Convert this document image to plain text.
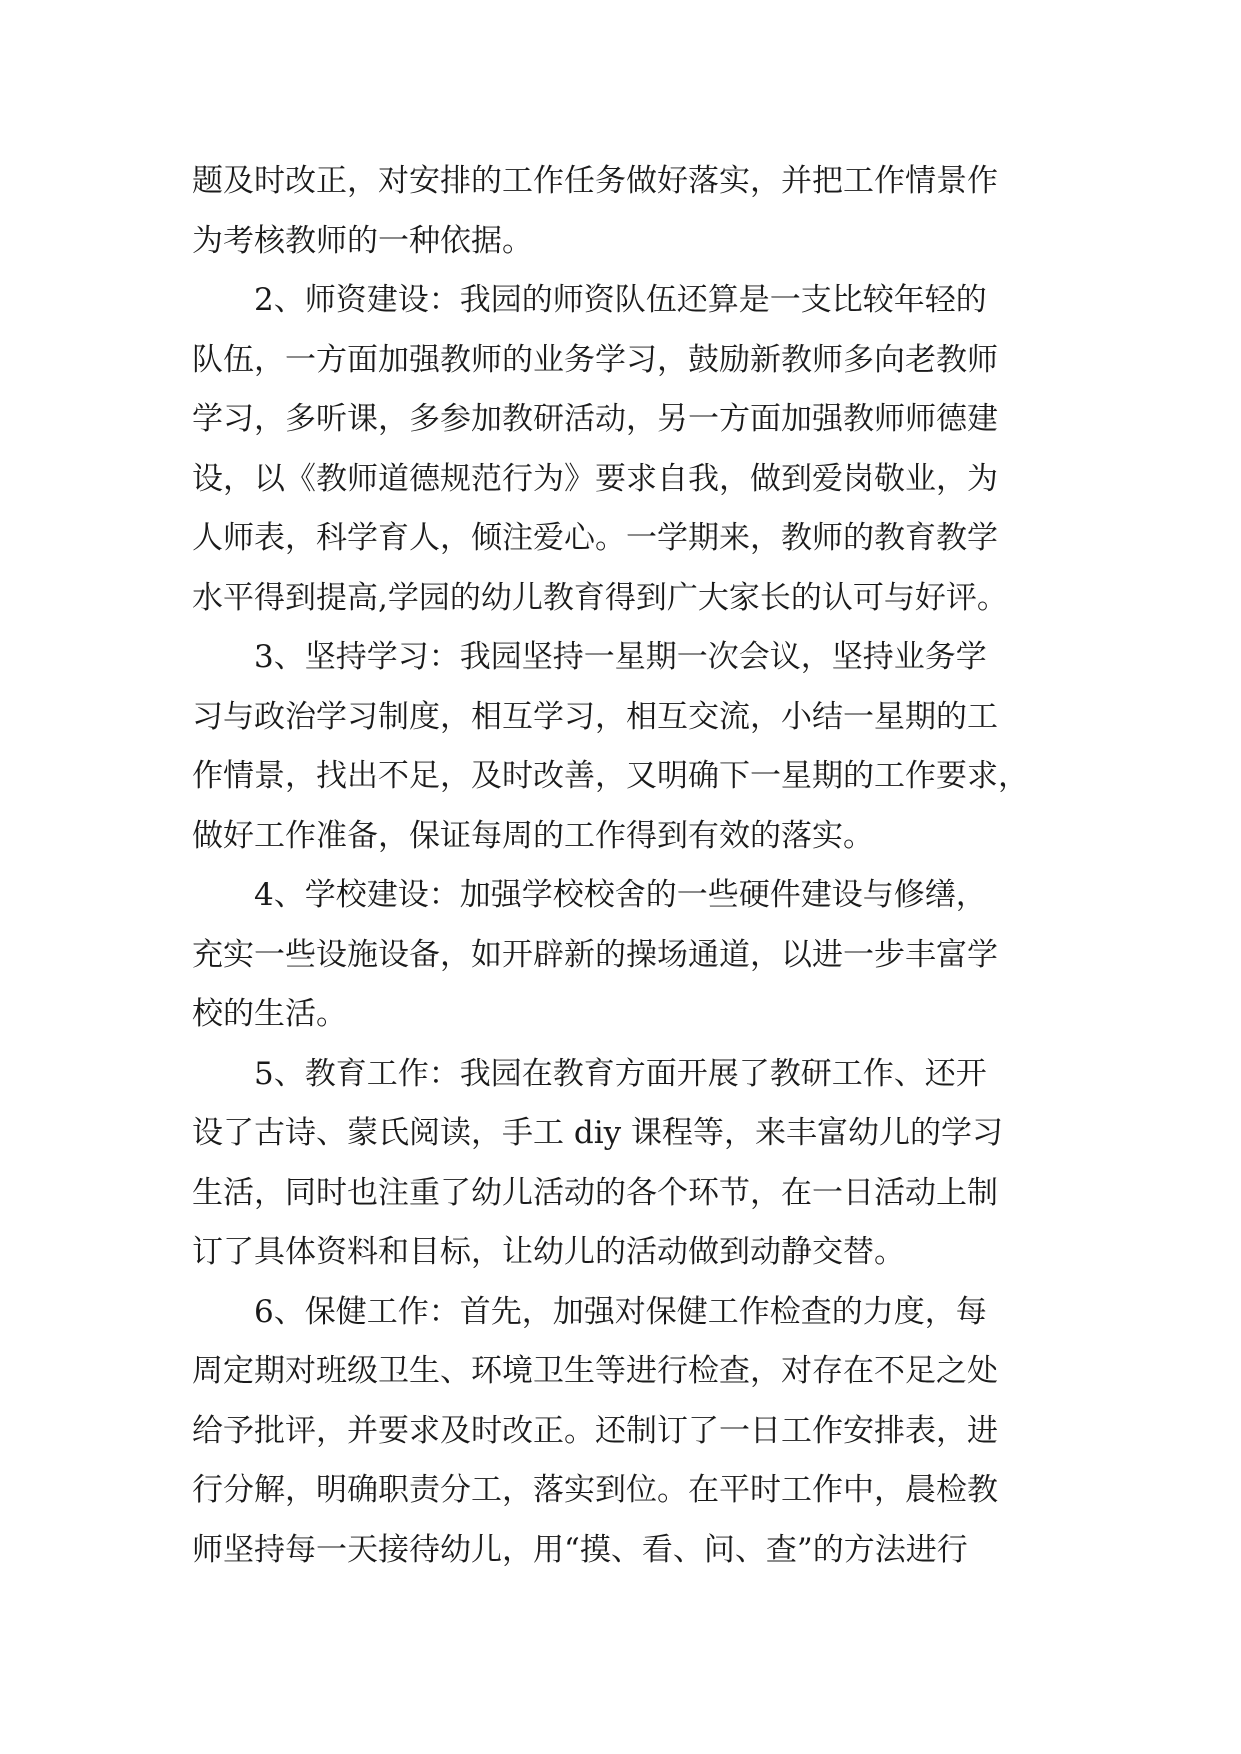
题及时改正，对安排的工作任务做好落实，并把工作情景作
为考核教师的一种依据。
2、师资建设：我园的师资队伍还算是一支比较年轻的
队伍，一方面加强教师的业务学习，鼓励新教师多向老教师
学习，多听课，多参加教研活动，另一方面加强教师师德建
设，以《教师道德规范行为》要求自我，做到爱岗敬业，为
人师表，科学育人，倾注爱心。一学期来，教师的教育教学
水平得到提高,学园的幼儿教育得到广大家长的认可与好评。
3、坚持学习：我园坚持一星期一次会议，坚持业务学
习与政治学习制度，相互学习，相互交流，小结一星期的工
作情景，找出不足，及时改善，又明确下一星期的工作要求，
做好工作准备，保证每周的工作得到有效的落实。
4、学校建设：加强学校校舍的一些硬件建设与修缮，
充实一些设施设备，如开辟新的操场通道，以进一步丰富学
校的生活。
5、教育工作：我园在教育方面开展了教研工作、还开
设了古诗、蒙氏阅读，手工 diy 课程等，来丰富幼儿的学习
生活，同时也注重了幼儿活动的各个环节，在一日活动上制
订了具体资料和目标，让幼儿的活动做到动静交替。
6、保健工作：首先，加强对保健工作检查的力度，每
周定期对班级卫生、环境卫生等进行检查，对存在不足之处
给予批评，并要求及时改正。还制订了一日工作安排表，进
行分解，明确职责分工，落实到位。在平时工作中，晨检教
师坚持每一天接待幼儿，用“摸、看、问、查”的方法进行
